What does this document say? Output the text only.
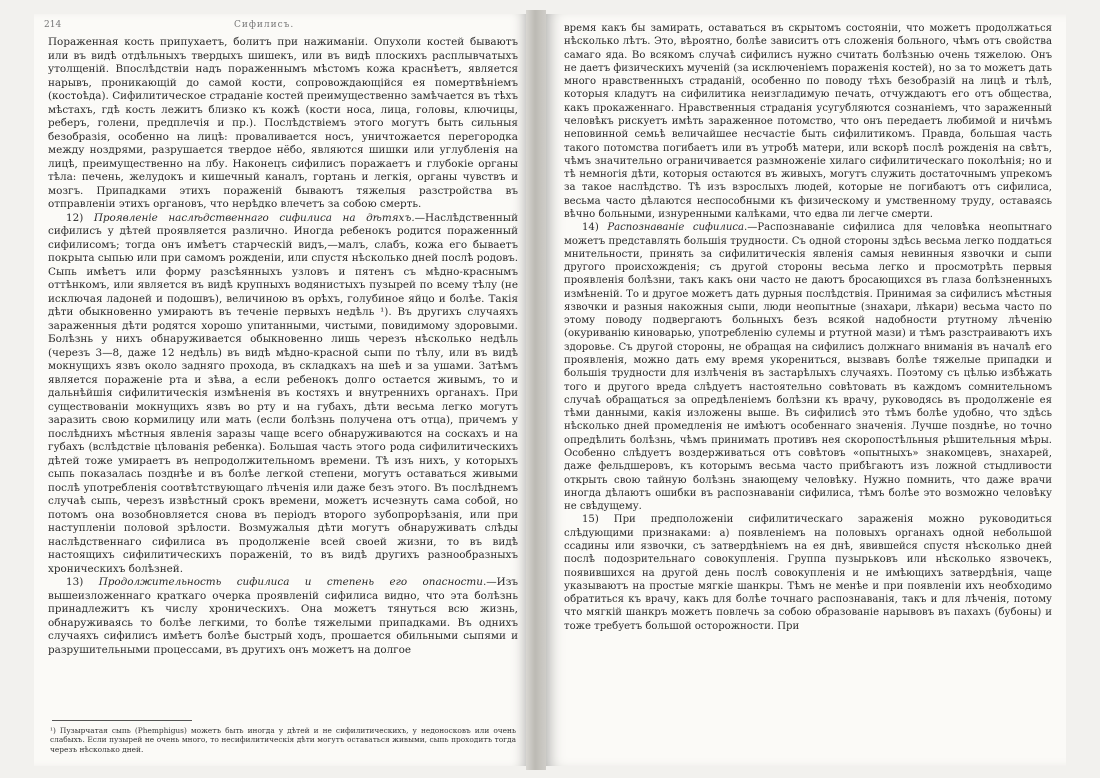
214	Сифилисъ.

Пораженная кость припухаетъ, болитъ при нажиманіи. Опухоли костей бываютъ или въ видѣ отдѣльныхъ твердыхъ шишекъ, или въ видѣ плоскихъ расплывчатыхъ утолщеній. Впослѣдствіи надъ пораженнымъ мѣстомъ кожа краснѣетъ, является нарывъ, проникающій до самой кости, сопровождающійся ея помертвѣніемъ (костоѣда). Сифилитическое страданіе костей преимущественно замѣчается въ тѣхъ мѣстахъ, гдѣ кость лежитъ близко къ кожѣ (кости носа, лица, головы, ключицы, реберъ, голени, предплечія и пр.). Послѣдствіемъ этого могутъ быть сильныя безобразія, особенно на лицѣ: проваливается носъ, уничтожается перегородка между ноздрями, разрушается твердое нёбо, являются шишки или углубленія на лицѣ, преимущественно на лбу. Наконецъ сифилисъ поражаетъ и глубокіе органы тѣла: печень, желудокъ и кишечный каналъ, гортань и легкія, органы чувствъ и мозгъ. Припадками этихъ пораженій бываютъ тяжелыя разстройства въ отправленіи этихъ органовъ, что нерѣдко влечетъ за собою смерть.

12) Проявленіе наслѣдственнаго сифилиса на дѣтяхъ.—Наслѣдственный сифилисъ у дѣтей проявляется различно. Иногда ребенокъ родится пораженный сифилисомъ; тогда онъ имѣетъ старческій видъ,—малъ, слабъ, кожа его бываетъ покрыта сыпью или при самомъ рожденіи, или спустя нѣсколько дней послѣ родовъ. Сыпь имѣетъ или форму разсѣянныхъ узловъ и пятенъ съ мѣдно-краснымъ оттѣнкомъ, или является въ видѣ крупныхъ водянистыхъ пузырей по всему тѣлу (не исключая ладоней и подошвъ), величиною въ орѣхъ, голубиное яйцо и болѣе. Такія дѣти обыкновенно умираютъ въ теченіе первыхъ недѣль ¹). Въ другихъ случаяхъ зараженныя дѣти родятся хорошо упитанными, чистыми, повидимому здоровыми. Болѣзнь у нихъ обнаруживается обыкновенно лишь черезъ нѣсколько недѣль (черезъ 3—8, даже 12 недѣль) въ видѣ мѣдно-красной сыпи по тѣлу, или въ видѣ мокнущихъ язвъ около задняго прохода, въ складкахъ на шеѣ и за ушами. Затѣмъ является пораженіе рта и зѣва, а если ребенокъ долго остается живымъ, то и дальнѣйшія сифилитическія измѣненія въ костяхъ и внутреннихъ органахъ. При существованіи мокнущихъ язвъ во рту и на губахъ, дѣти весьма легко могутъ заразить свою кормилицу или мать (если болѣзнь получена отъ отца), причемъ у послѣднихъ мѣстныя явленія заразы чаще всего обнаруживаются на соскахъ и на губахъ (вслѣдствіе цѣлованія ребенка). Большая часть этого рода сифилитическихъ дѣтей тоже умираетъ въ непродолжительномъ времени. Тѣ изъ нихъ, у которыхъ сыпь показалась позднѣе и въ болѣе легкой степени, могутъ оставаться живыми послѣ употребленія соотвѣтствующаго лѣченія или даже безъ этого. Въ послѣднемъ случаѣ сыпь, черезъ извѣстный срокъ времени, можетъ исчезнуть сама собой, но потомъ она возобновляется снова въ періодъ второго зубопрорѣзанія, или при наступленіи половой зрѣлости. Возмужалыя дѣти могутъ обнаруживать слѣды наслѣдственнаго сифилиса въ продолженіе всей своей жизни, то въ видѣ настоящихъ сифилитическихъ пораженій, то въ видѣ другихъ разнообразныхъ хроническихъ болѣзней.

13) Продолжительность сифилиса и степень его опасности.—Изъ вышеизложеннаго краткаго очерка проявленій сифилиса видно, что эта болѣзнь принадлежитъ къ числу хроническихъ. Она можетъ тянуться всю жизнь, обнаруживаясь то болѣе легкими, то болѣе тяжелыми припадками. Въ однихъ случаяхъ сифилисъ имѣетъ болѣе быстрый ходъ, прошается обильными сыпями и разрушительными процессами, въ другихъ онъ можетъ на долгое

¹) Пузырчатая сыпь (Phemphigus) можетъ быть иногда у дѣтей и не сифилитическихъ, у недоносковъ или очень слабыхъ. Если пузырей не очень много, то несифилитическія дѣти могутъ оставаться живыми, сыпь проходитъ тогда черезъ нѣсколько дней.

время какъ бы замирать, оставаться въ скрытомъ состояніи, что можетъ продолжаться нѣсколько лѣтъ. Это, вѣроятно, болѣе зависитъ отъ сложенія больного, чѣмъ отъ свойства самаго яда. Во всякомъ случаѣ сифилисъ нужно считать болѣзнью очень тяжелою. Онъ не даетъ физическихъ мученій (за исключеніемъ пораженія костей), но за то можетъ дать много нравственныхъ страданій, особенно по поводу тѣхъ безобразій на лицѣ и тѣлѣ, которыя кладутъ на сифилитика неизгладимую печать, отчуждаютъ его отъ общества, какъ прокаженнаго. Нравственныя страданія усугубляются сознаніемъ, что зараженный человѣкъ рискуетъ имѣть зараженное потомство, что онъ передаетъ любимой и ничѣмъ неповинной семьѣ величайшее несчастіе быть сифилитикомъ. Правда, большая часть такого потомства погибаетъ или въ утробѣ матери, или вскорѣ послѣ рожденія на свѣтъ, чѣмъ значительно ограничивается размноженіе хилаго сифилитическаго поколѣнія; но и тѣ немногія дѣти, которыя остаются въ живыхъ, могутъ служить достаточнымъ упрекомъ за такое наслѣдство. Тѣ изъ взрослыхъ людей, которые не погибаютъ отъ сифилиса, весьма часто дѣлаются неспособными къ физическому и умственному труду, оставаясь вѣчно больными, изнуренными калѣками, что едва ли легче смерти.

14) Распознаваніе сифилиса.—Распознаваніе сифилиса для человѣка неопытнаго можетъ представлять большія трудности. Съ одной стороны здѣсь весьма легко поддаться мнительности, принять за сифилитическія явленія самыя невинныя язвочки и сыпи другого происхожденія; съ другой стороны весьма легко и просмотрѣть первыя проявленія болѣзни, такъ какъ они часто не даютъ бросающихся въ глаза болѣзненныхъ измѣненій. То и другое можетъ дать дурныя послѣдствія. Принимая за сифилисъ мѣстныя язвочки и разныя накожныя сыпи, люди неопытные (знахари, лѣкари) весьма часто по этому поводу подвергаютъ больныхъ безъ всякой надобности ртутному лѣченію (окуриванію киноварью, употребленію сулемы и ртутной мази) и тѣмъ разстраиваютъ ихъ здоровье. Съ другой стороны, не обращая на сифилисъ должнаго вниманія въ началѣ его проявленія, можно дать ему время укорениться, вызвавъ болѣе тяжелые припадки и большія трудности для излѣченія въ застарѣлыхъ случаяхъ. Поэтому съ цѣлью избѣжать того и другого вреда слѣдуетъ настоятельно совѣтовать въ каждомъ сомнительномъ случаѣ обращаться за опредѣленіемъ болѣзни къ врачу, руководясь въ продолженіе ея тѣми данными, какія изложены выше. Въ сифилисѣ это тѣмъ болѣе удобно, что здѣсь нѣсколько дней промедленія не имѣютъ особеннаго значенія. Лучше позднѣе, но точно опредѣлить болѣзнь, чѣмъ принимать противъ нея скоропостѣльныя рѣшительныя мѣры. Особенно слѣдуетъ воздерживаться отъ совѣтовъ «опытныхъ» знакомцевъ, знахарей, даже фельдшеровъ, къ которымъ весьма часто прибѣгаютъ изъ ложной стыдливости открыть свою тайную болѣзнь знающему человѣку. Нужно помнить, что даже врачи иногда дѣлаютъ ошибки въ распознаваніи сифилиса, тѣмъ болѣе это возможно человѣку не свѣдущему.

15) При предположеніи сифилитическаго зараженія можно руководиться слѣдующими признаками: а) появленіемъ на половыхъ органахъ одной небольшой ссадины или язвочки, съ затвердѣніемъ на ея днѣ, явившейся спустя нѣсколько дней послѣ подозрительнаго совокупленія. Группа пузырьковъ или нѣсколько язвочекъ, появившихся на другой день послѣ совокупленія и не имѣющихъ затвердѣнія, чаще указываютъ на простые мягкіе шанкры. Тѣмъ не менѣе и при появленіи ихъ необходимо обратиться къ врачу, какъ для болѣе точнаго распознаванія, такъ и для лѣченія, потому что мягкій шанкръ можетъ повлечь за собою образованіе нарывовъ въ пахахъ (бубоны) и тоже требуетъ большой осторожности. При
